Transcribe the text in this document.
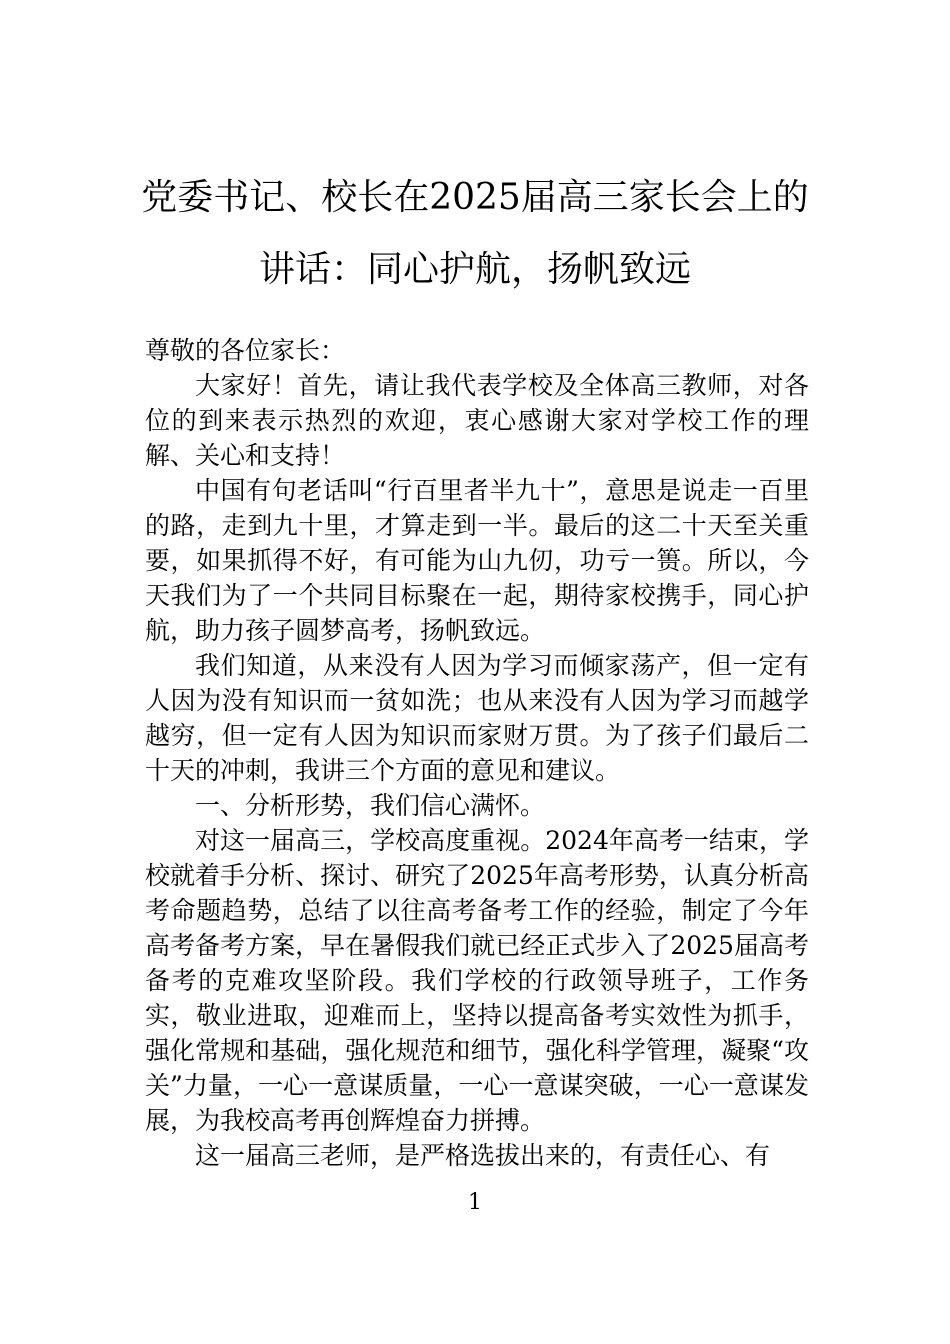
党委书记、校长在2025届高三家长会上的
讲话：同心护航，扬帆致远

尊敬的各位家长：

大家好！首先，请让我代表学校及全体高三教师，对各位的到来表示热烈的欢迎，衷心感谢大家对学校工作的理解、关心和支持！

中国有句老话叫“行百里者半九十”，意思是说走一百里的路，走到九十里，才算走到一半。最后的这二十天至关重要，如果抓得不好，有可能为山九仞，功亏一篑。所以，今天我们为了一个共同目标聚在一起，期待家校携手，同心护航，助力孩子圆梦高考，扬帆致远。

我们知道，从来没有人因为学习而倾家荡产，但一定有人因为没有知识而一贫如洗；也从来没有人因为学习而越学越穷，但一定有人因为知识而家财万贯。为了孩子们最后二十天的冲刺，我讲三个方面的意见和建议。

一、分析形势，我们信心满怀。

对这一届高三，学校高度重视。2024年高考一结束，学校就着手分析、探讨、研究了2025年高考形势，认真分析高考命题趋势，总结了以往高考备考工作的经验，制定了今年高考备考方案，早在暑假我们就已经正式步入了2025届高考备考的克难攻坚阶段。我们学校的行政领导班子，工作务实，敬业进取，迎难而上，坚持以提高备考实效性为抓手，强化常规和基础，强化规范和细节，强化科学管理，凝聚“攻关”力量，一心一意谋质量，一心一意谋突破，一心一意谋发展，为我校高考再创辉煌奋力拼搏。

这一届高三老师，是严格选拔出来的，有责任心、有

1
